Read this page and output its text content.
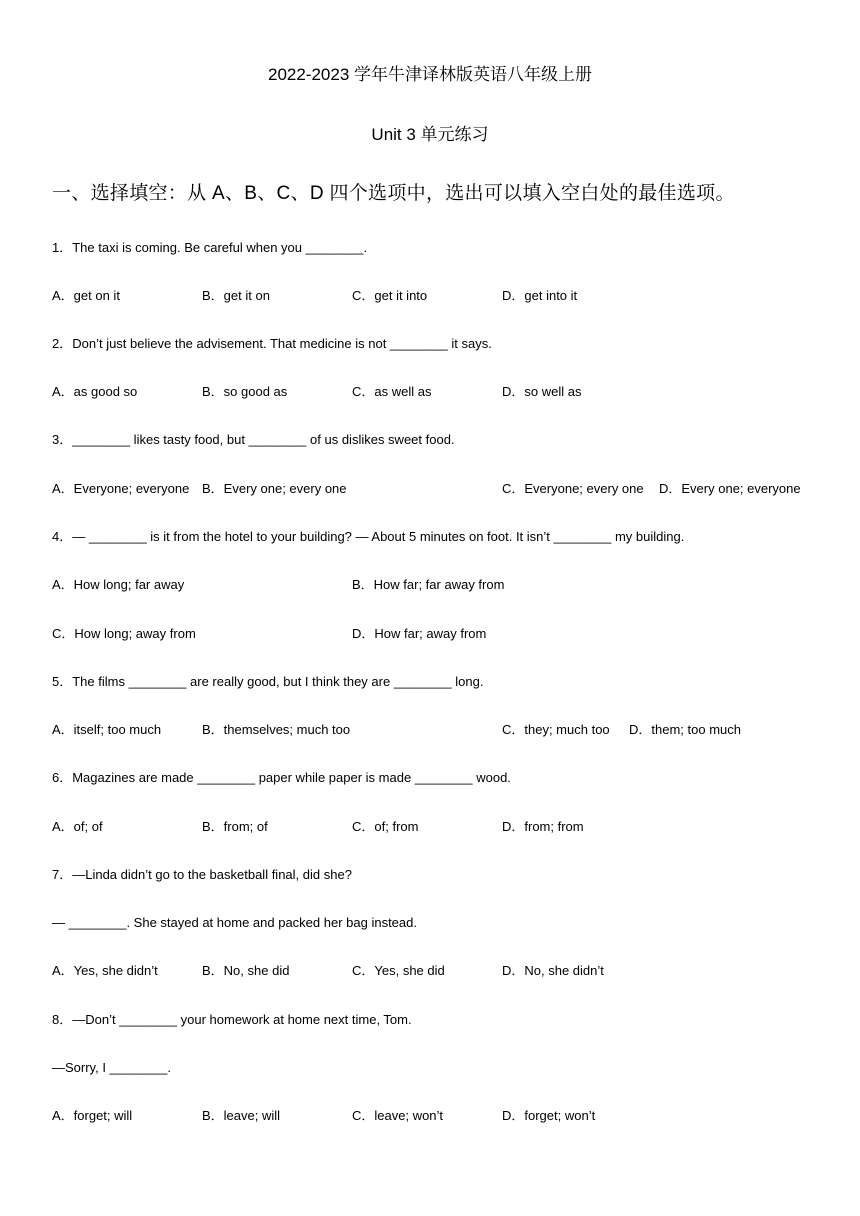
2022-2023 学年牛津译林版英语八年级上册
Unit 3 单元练习
一、选择填空：从 A、B、C、D 四个选项中，选出可以填入空白处的最佳选项。
1．The taxi is coming. Be careful when you ________.
A．get on it	B．get it on	C．get it into	D．get into it
2．Don’t just believe the advisement. That medicine is not ________ it says.
A．as good so	B．so good as	C．as well as	D．so well as
3．________ likes tasty food, but ________ of us dislikes sweet food.
A．Everyone; everyone B．Every one; every one	C．Everyone; every one D．Every one; everyone
4．— ________ is it from the hotel to your building? — About 5 minutes on foot. It isn’t ________ my building.
A．How long; far away	B．How far; far away from
C．How long; away from	D．How far; away from
5．The films ________ are really good, but I think they are ________ long.
A．itself; too much	B．themselves; much too	C．they; much too D．them; too much
6．Magazines are made ________ paper while paper is made ________ wood.
A．of; of	B．from; of	C．of; from	D．from; from
7．—Linda didn’t go to the basketball final, did she?
— ________. She stayed at home and packed her bag instead.
A．Yes, she didn’t	B．No, she did	C．Yes, she did	D．No, she didn’t
8．—Don’t ________ your homework at home next time, Tom.
—Sorry, I ________.
A．forget; will	B．leave; will	C．leave; won’t	D．forget; won’t
